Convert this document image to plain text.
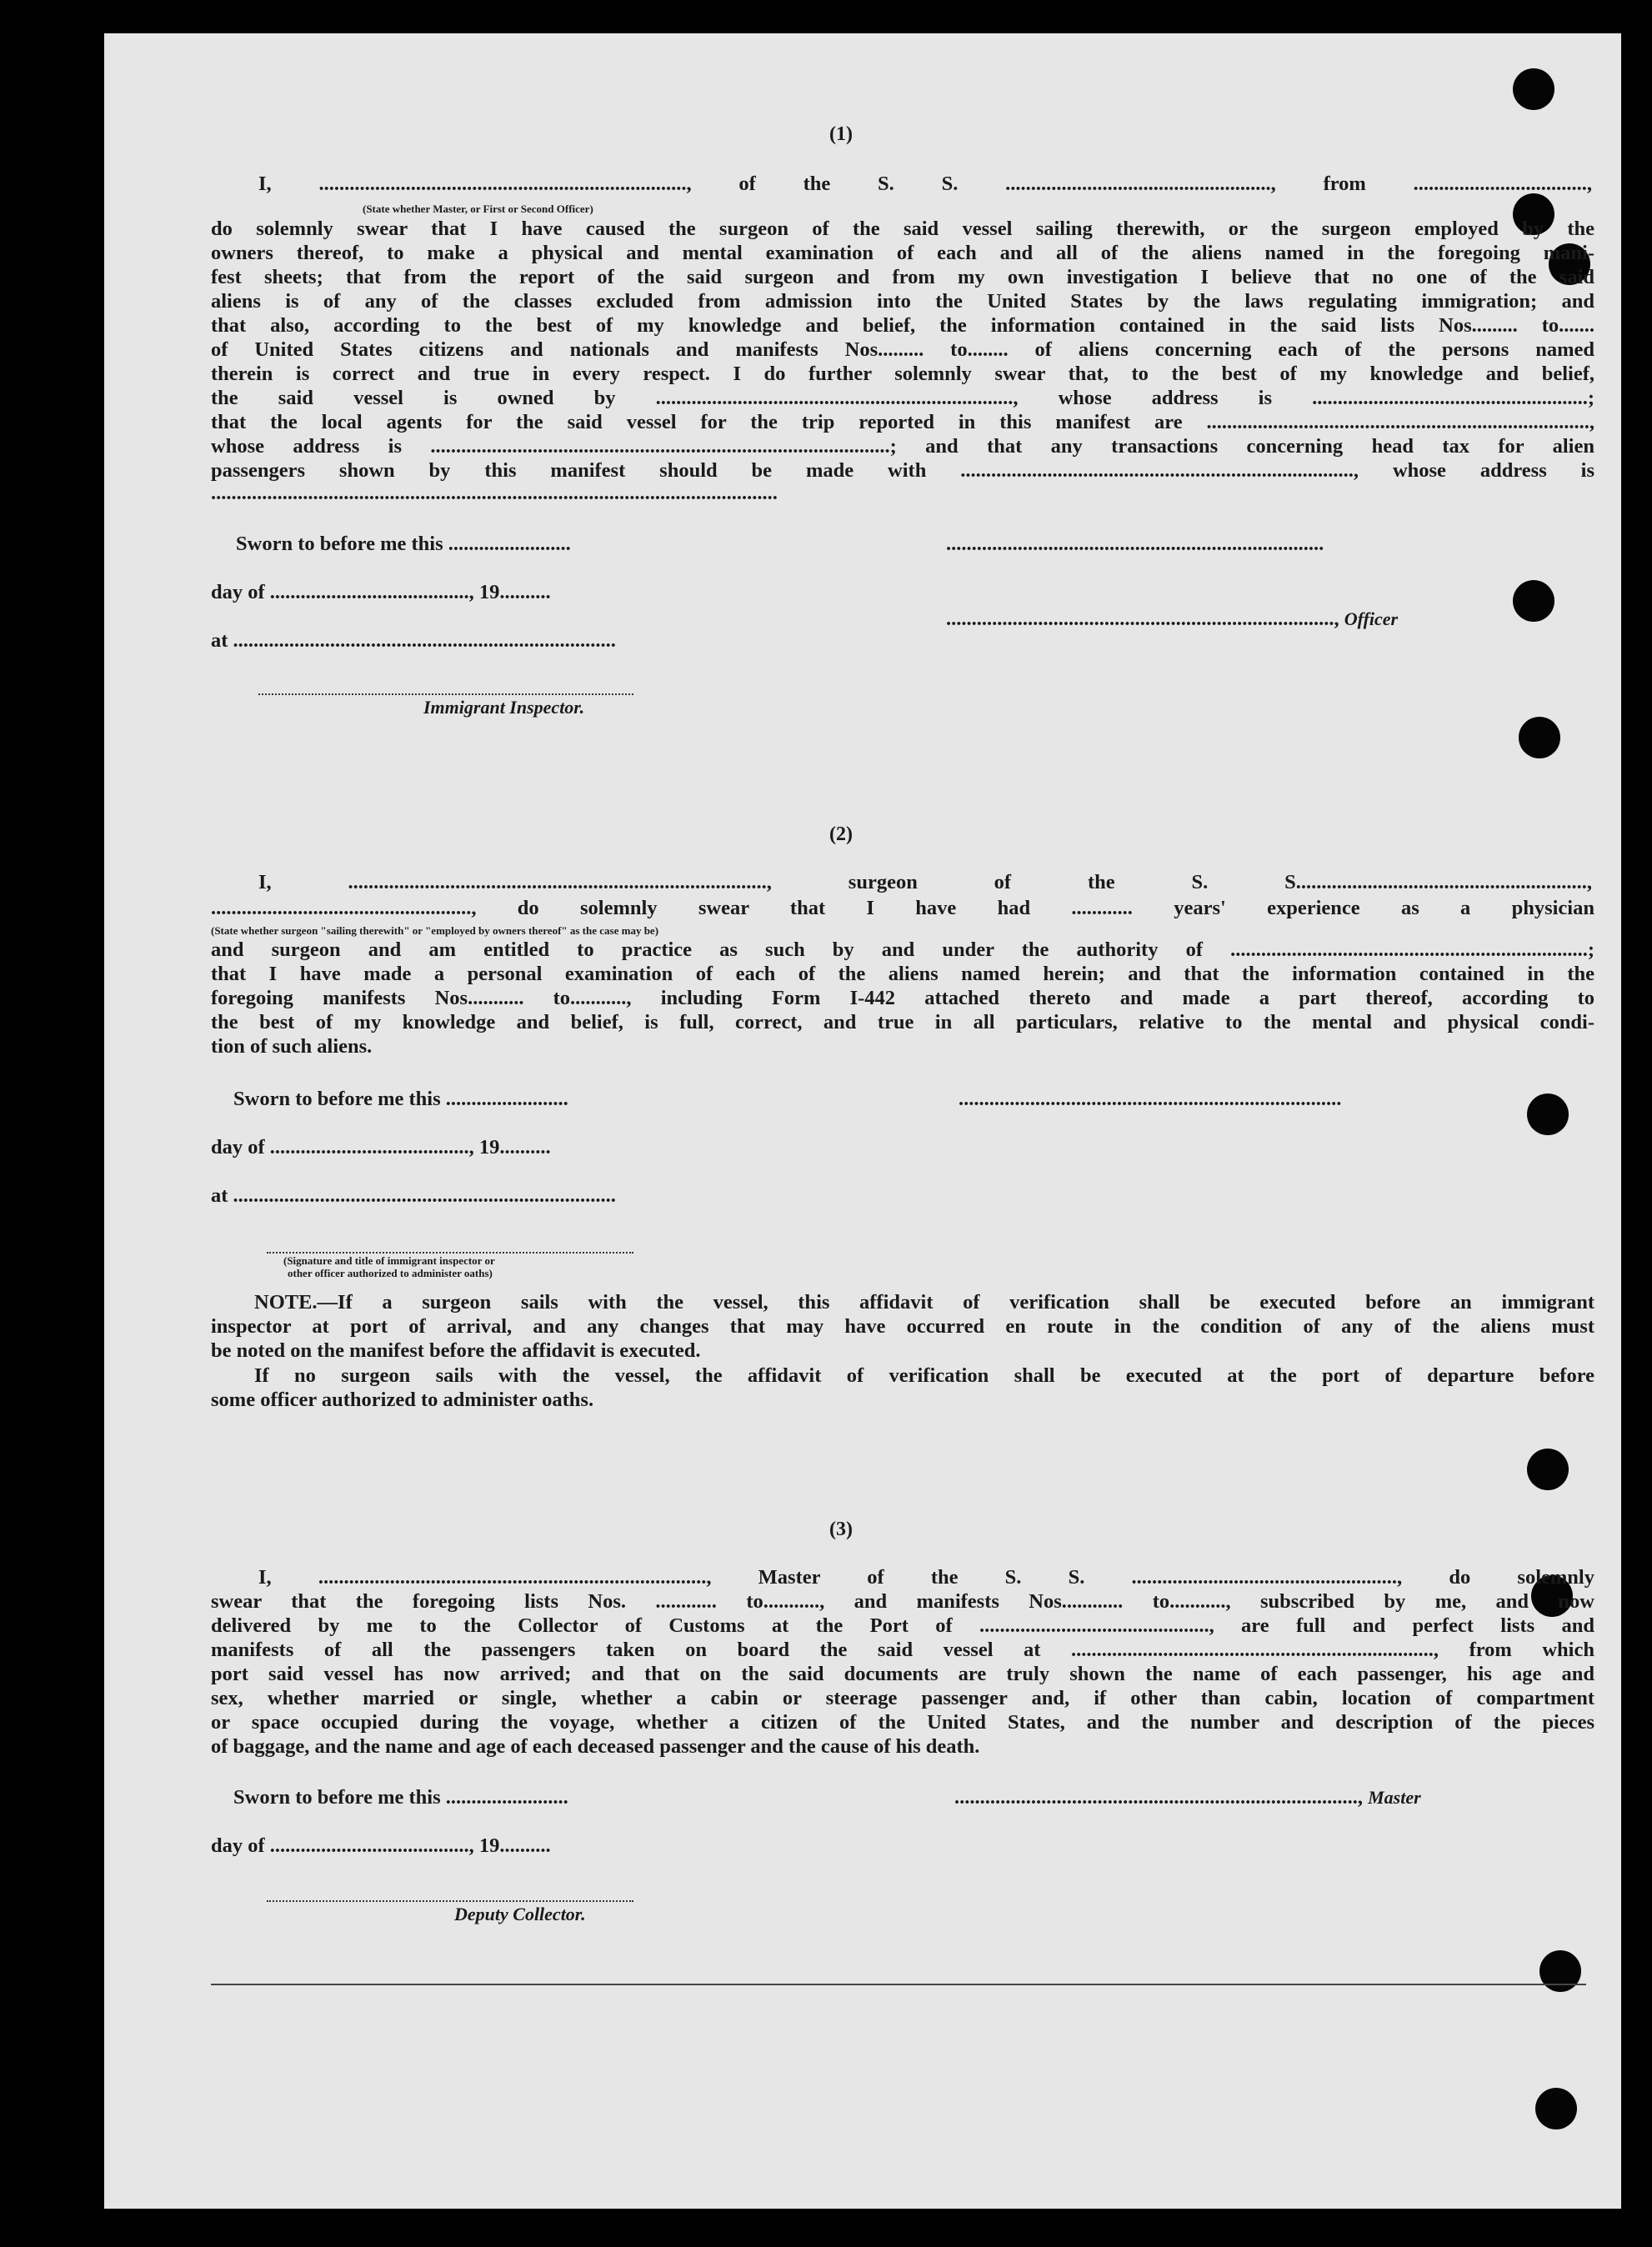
(1)
I, ........................................................................, of the S. S. ...................................................., from ..................................,
(State whether Master, or First or Second Officer)
do solemnly swear that I have caused the surgeon of the said vessel sailing therewith, or the surgeon employed by the
owners thereof, to make a physical and mental examination of each and all of the aliens named in the foregoing mani-
fest sheets; that from the report of the said surgeon and from my own investigation I believe that no one of the said
aliens is of any of the classes excluded from admission into the United States by the laws regulating immigration; and
that also, according to the best of my knowledge and belief, the information contained in the said lists Nos......... to.......
of United States citizens and nationals and manifests Nos......... to........ of aliens concerning each of the persons named
therein is correct and true in every respect. I do further solemnly swear that, to the best of my knowledge and belief,
the said vessel is owned by ......................................................................, whose address is ......................................................;
that the local agents for the said vessel for the trip reported in this manifest are ...........................................................................,
whose address is ..........................................................................................; and that any transactions concerning head tax for alien
passengers shown by this manifest should be made with ............................................................................., whose address is
...............................................................................................................
Sworn to before me this ........................	..........................................................................
day of ......................................., 19..........
............................................................................, Officer
at ...........................................................................
Immigrant Inspector.
(2)
I, .................................................................................., surgeon of the S. S.........................................................,
..................................................., do solemnly swear that I have had ............ years' experience as a physician
(State whether surgeon "sailing therewith" or "employed by owners thereof" as the case may be)
and surgeon and am entitled to practice as such by and under the authority of ......................................................................;
that I have made a personal examination of each of the aliens named herein; and that the information contained in the
foregoing manifests Nos........... to..........., including Form I-442 attached thereto and made a part thereof, according to
the best of my knowledge and belief, is full, correct, and true in all particulars, relative to the mental and physical condi-
tion of such aliens.
Sworn to before me this ........................	...........................................................................
day of ......................................., 19..........
at ...........................................................................
(Signature and title of immigrant inspector or
other officer authorized to administer oaths)
NOTE.—If a surgeon sails with the vessel, this affidavit of verification shall be executed before an immigrant
inspector at port of arrival, and any changes that may have occurred en route in the condition of any of the aliens must
be noted on the manifest before the affidavit is executed.
If no surgeon sails with the vessel, the affidavit of verification shall be executed at the port of departure before
some officer authorized to administer oaths.
(3)
I, ............................................................................, Master of the S. S. ...................................................., do solemnly
swear that the foregoing lists Nos. ............ to..........., and manifests Nos............ to..........., subscribed by me, and now
delivered by me to the Collector of Customs at the Port of ............................................., are full and perfect lists and
manifests of all the passengers taken on board the said vessel at ......................................................................., from which
port said vessel has now arrived; and that on the said documents are truly shown the name of each passenger, his age and
sex, whether married or single, whether a cabin or steerage passenger and, if other than cabin, location of compartment
or space occupied during the voyage, whether a citizen of the United States, and the number and description of the pieces
of baggage, and the name and age of each deceased passenger and the cause of his death.
Sworn to before me this ........................	..............................................................................., Master
day of ......................................., 19..........
Deputy Collector.
